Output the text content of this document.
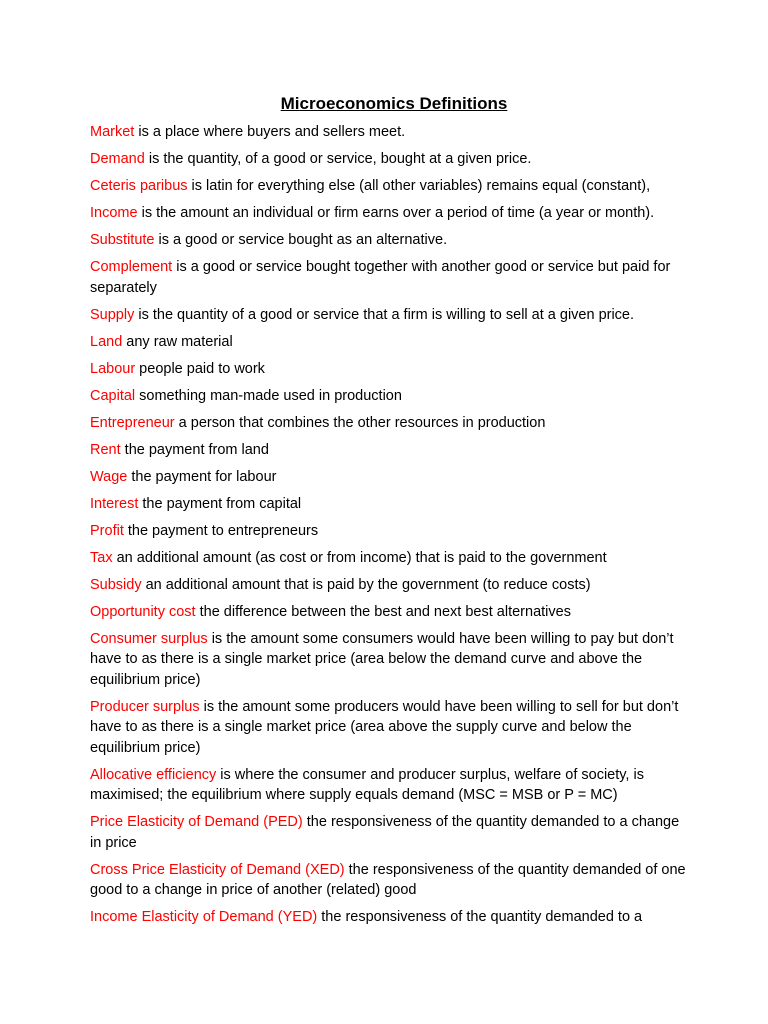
Microeconomics Definitions
Market is a place where buyers and sellers meet.
Demand is the quantity, of a good or service, bought at a given price.
Ceteris paribus is latin for everything else (all other variables) remains equal (constant),
Income is the amount an individual or firm earns over a period of time (a year or month).
Substitute is a good or service bought as an alternative.
Complement is a good or service bought together with another good or service but paid for separately
Supply is the quantity of a good or service that a firm is willing to sell at a given price.
Land any raw material
Labour people paid to work
Capital something man-made used in production
Entrepreneur a person that combines the other resources in production
Rent the payment from land
Wage the payment for labour
Interest the payment from capital
Profit the payment to entrepreneurs
Tax an additional amount (as cost or from income) that is paid to the government
Subsidy an additional amount that is paid by the government (to reduce costs)
Opportunity cost the difference between the best and next best alternatives
Consumer surplus is the amount some consumers would have been willing to pay but don’t have to as there is a single market price (area below the demand curve and above the equilibrium price)
Producer surplus is the amount some producers would have been willing to sell for but don’t have to as there is a single market price (area above the supply curve and below the equilibrium price)
Allocative efficiency is where the consumer and producer surplus, welfare of society, is maximised; the equilibrium where supply equals demand (MSC = MSB or P = MC)
Price Elasticity of Demand (PED) the responsiveness of the quantity demanded to a change in price
Cross Price Elasticity of Demand (XED) the responsiveness of the quantity demanded of one good to a change in price of another (related) good
Income Elasticity of Demand (YED) the responsiveness of the quantity demanded to a
